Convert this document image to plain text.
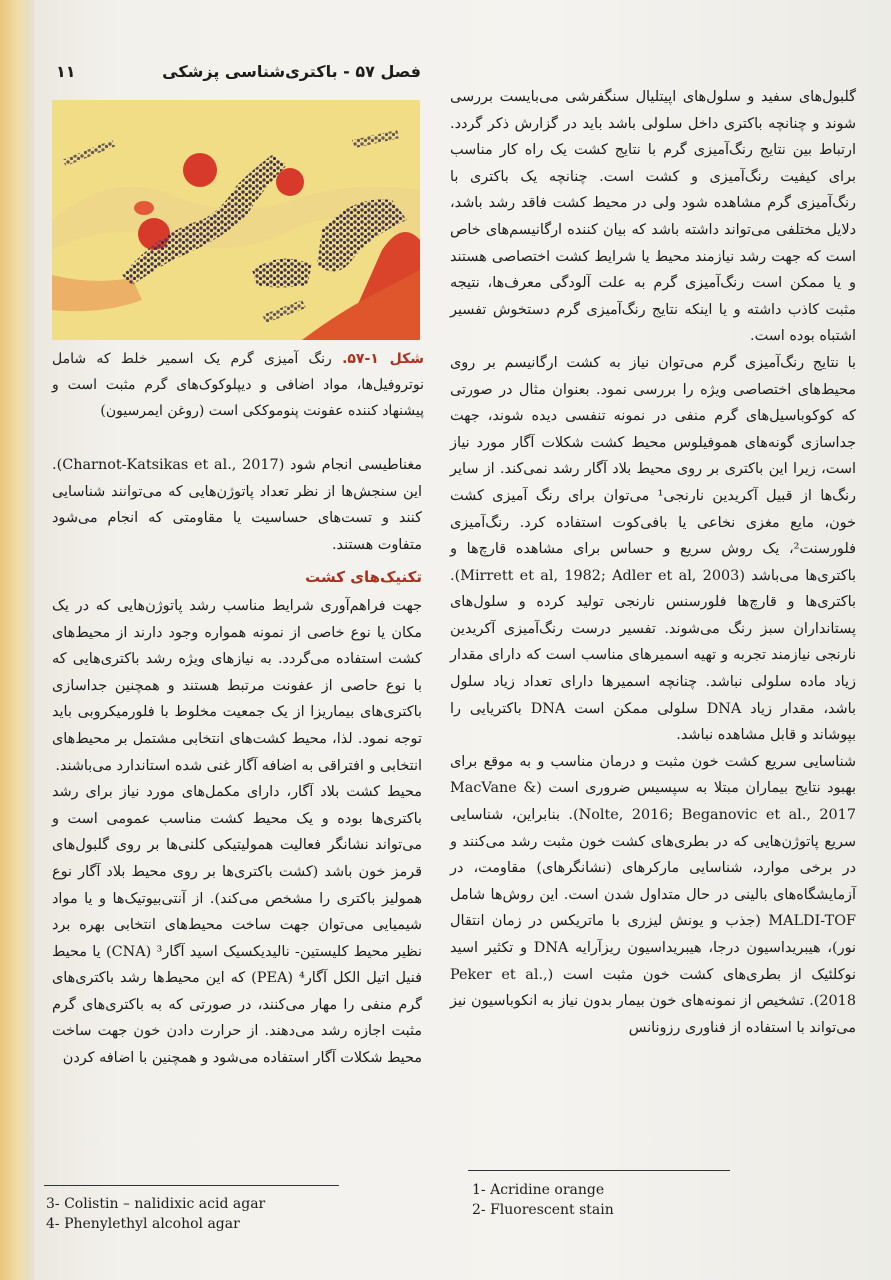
فصل ۵۷ - باکتری‌شناسی پزشکی
۱۱
شکل ۱-۵۷. رنگ آمیزی گرم یک اسمیر خلط که شامل نوتروفیل‌ها، مواد اضافی و دیپلوکوک‌های گرم مثبت است و پیشنهاد کننده عفونت پنوموککی است (روغن ایمرسیون)

گلبول‌های سفید و سلول‌های اپیتلیال سنگفرشی می‌بایست بررسی شوند و چنانچه باکتری داخل سلولی باشد باید در گزارش ذکر گردد. ارتباط بین نتایج رنگ‌آمیزی گرم با نتایج کشت یک راه کار مناسب برای کیفیت رنگ‌آمیزی و کشت است. چنانچه یک باکتری با رنگ‌آمیزی گرم مشاهده شود ولی در محیط کشت فاقد رشد باشد، دلایل مختلفی می‌تواند داشته باشد که بیان کننده ارگانیسم‌های خاص است که جهت رشد نیازمند محیط یا شرایط کشت اختصاصی هستند و یا ممکن است رنگ‌آمیزی گرم به علت آلودگی معرف‌ها، نتیجه مثبت کاذب داشته و یا اینکه نتایج رنگ‌آمیزی گرم دستخوش تفسیر اشتباه بوده است.

با نتایج رنگ‌آمیزی گرم می‌توان نیاز به کشت ارگانیسم بر روی محیط‌های اختصاصی ویژه را بررسی نمود. بعنوان مثال در صورتی که کوکوباسیل‌های گرم منفی در نمونه تنفسی دیده شوند، جهت جداسازی گونه‌های هموفیلوس محیط کشت شکلات آگار مورد نیاز است، زیرا این باکتری بر روی محیط بلاد آگار رشد نمی‌کند. از سایر رنگ‌ها از قبیل آکریدین نارنجی¹ می‌توان برای رنگ آمیزی کشت خون، مایع مغزی نخاعی یا بافی‌کوت استفاده کرد. رنگ‌آمیزی فلورسنت²، یک روش سریع و حساس برای مشاهده قارچ‌ها و باکتری‌ها می‌باشد (Mirrett et al, 1982; Adler et al, 2003). باکتری‌ها و قارچ‌ها فلورسنس نارنجی تولید کرده و سلول‌های پستانداران سبز رنگ می‌شوند. تفسیر درست رنگ‌آمیزی آکریدین نارنجی نیازمند تجربه و تهیه اسمیرهای مناسب است که دارای مقدار زیاد ماده سلولی نباشد. چنانچه اسمیرها دارای تعداد زیاد سلول باشد، مقدار زیاد DNA سلولی ممکن است DNA باکتریایی را بپوشاند و قابل مشاهده نباشد.

شناسایی سریع کشت خون مثبت و درمان مناسب و به موقع برای بهبود نتایج بیماران مبتلا به سپسیس ضروری است (MacVane & Nolte, 2016; Beganovic et al., 2017). بنابراین، شناسایی سریع پاتوژن‌هایی که در بطری‌های کشت خون مثبت رشد می‌کنند و در برخی موارد، شناسایی مارکرهای (نشانگرهای) مقاومت، در آزمایشگاه‌های بالینی در حال متداول شدن است. این روش‌ها شامل MALDI-TOF (جذب و یونش لیزری با ماتریکس در زمان انتقال نور)، هیبریداسیون درجا، هیبریداسیون ریزآرایه DNA و تکثیر اسید نوکلئیک از بطری‌های کشت خون مثبت است (Peker et al., 2018). تشخیص از نمونه‌های خون بیمار بدون نیاز به انکوباسیون نیز می‌تواند با استفاده از فناوری رزونانس

مغناطیسی انجام شود (Charnot-Katsikas et al., 2017). این سنجش‌ها از نظر تعداد پاتوژن‌هایی که می‌توانند شناسایی کنند و تست‌های حساسیت یا مقاومتی که انجام می‌شود متفاوت هستند.

تکنیک‌های کشت

جهت فراهم‌آوری شرایط مناسب رشد پاتوژن‌هایی که در یک مکان یا نوع خاصی از نمونه همواره وجود دارند از محیط‌های کشت استفاده می‌گردد. به نیازهای ویژه رشد باکتری‌هایی که با نوع حاصی از عفونت مرتبط هستند و همچنین جداسازی باکتری‌های بیماریزا از یک جمعیت مخلوط با فلورمیکروبی باید توجه نمود. لذا، محیط کشت‌های انتخابی مشتمل بر محیط‌های انتخابی و افتراقی به اضافه آگار غنی شده استاندارد می‌باشند.

محیط کشت بلاد آگار، دارای مکمل‌های مورد نیاز برای رشد باکتری‌ها بوده و یک محیط کشت مناسب عمومی است و می‌تواند نشانگر فعالیت همولیتیکی کلنی‌ها بر روی گلبول‌های قرمز خون باشد (کشت باکتری‌ها بر روی محیط بلاد آگار نوع همولیز باکتری را مشخص می‌کند). از آنتی‌بیوتیک‌ها و یا مواد شیمیایی می‌توان جهت ساخت محیط‌های انتخابی بهره برد نظیر محیط کلیستین- نالیدیکسیک اسید آگار³ (CNA) یا محیط فنیل اتیل الکل آگار⁴ (PEA) که این محیط‌ها رشد باکتری‌های گرم منفی را مهار می‌کنند، در صورتی که به باکتری‌های گرم مثبت اجازه رشد می‌دهند. از حرارت دادن خون جهت ساخت محیط شکلات آگار استفاده می‌شود و همچنین با اضافه کردن

1- Acridine orange
2- Fluorescent stain
3- Colistin – nalidixic acid agar
4- Phenylethyl alcohol agar
